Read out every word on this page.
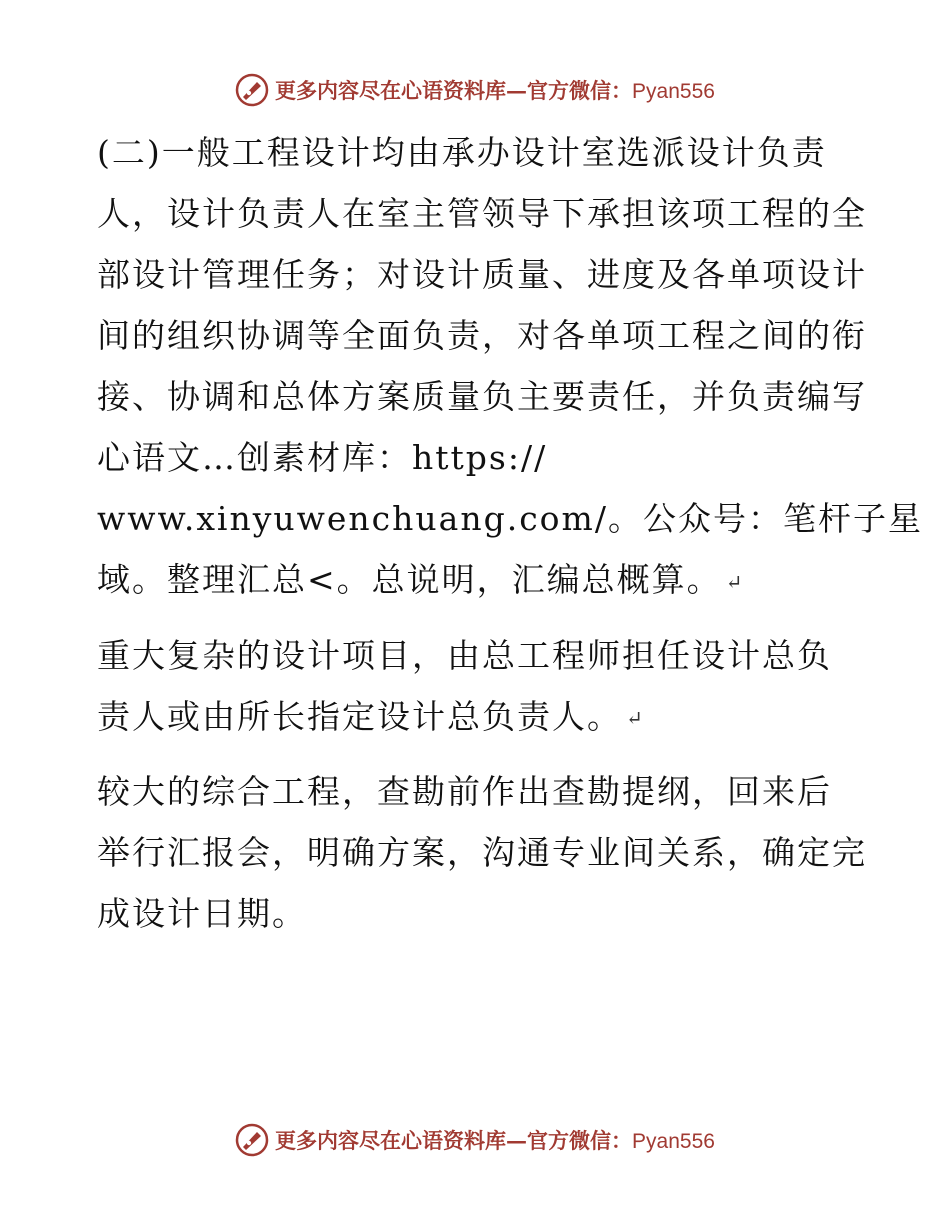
更多内容尽在心语资料库—官方微信：Pyan556
(二)一般工程设计均由承办设计室选派设计负责
人，设计负责人在室主管领导下承担该项工程的全
部设计管理任务；对设计质量、进度及各单项设计
间的组织协调等全面负责，对各单项工程之间的衔
接、协调和总体方案质量负主要责任，并负责编写
心语文…创素材库：https://
www.xinyuwenchuang.com/。公众号：笔杆子星
域。整理汇总<。总说明，汇编总概算。 ↵
重大复杂的设计项目，由总工程师担任设计总负
责人或由所长指定设计总负责人。 ↵
较大的综合工程，查勘前作出查勘提纲，回来后
举行汇报会，明确方案，沟通专业间关系，确定完
成设计日期。
更多内容尽在心语资料库—官方微信：Pyan556
